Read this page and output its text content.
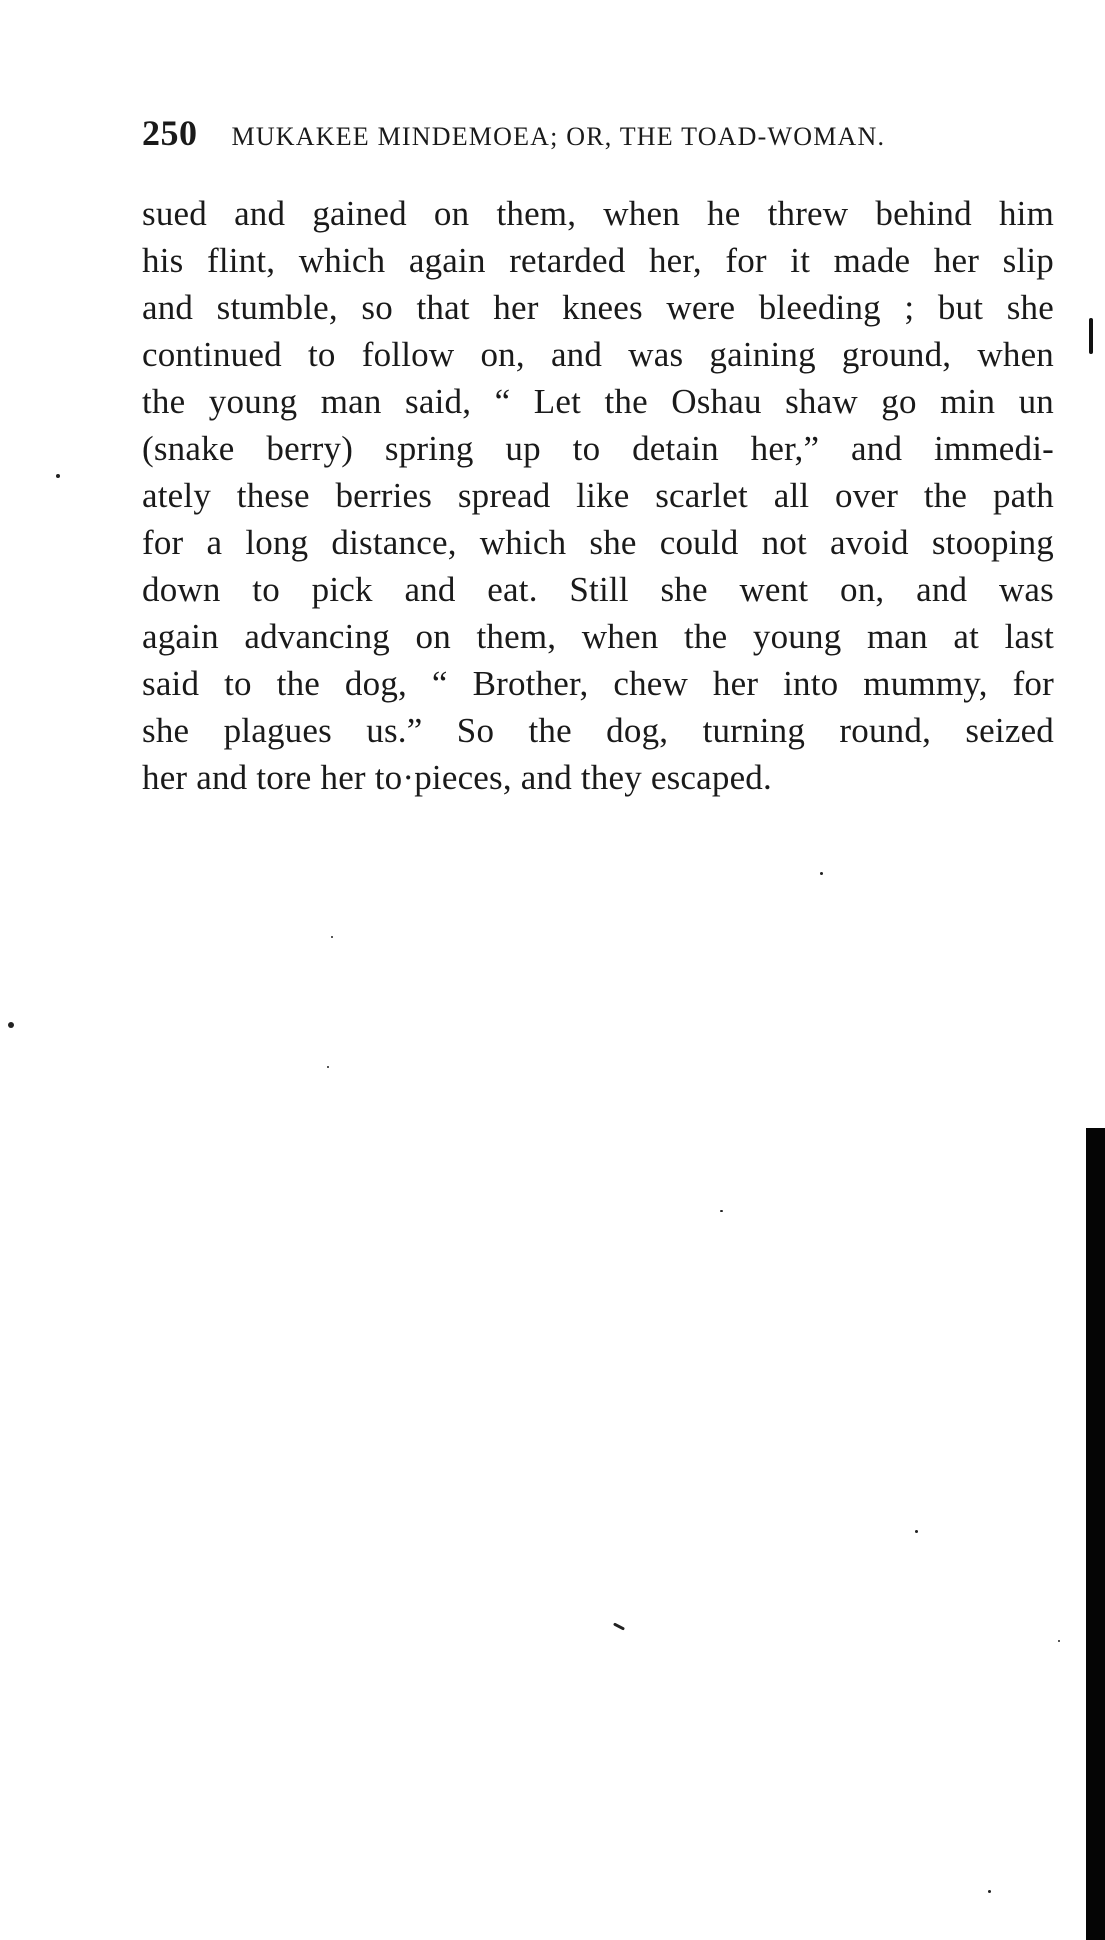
250 MUKAKEE MINDEMOEA; OR, THE TOAD-WOMAN.
sued and gained on them, when he threw behind him
his flint, which again retarded her, for it made her slip
and stumble, so that her knees were bleeding ; but she
continued to follow on, and was gaining ground, when
the young man said, “ Let the Oshau shaw go min un
(snake berry) spring up to detain her,” and immedi-
ately these berries spread like scarlet all over the path
for a long distance, which she could not avoid stooping
down to pick and eat. Still she went on, and was
again advancing on them, when the young man at last
said to the dog, “ Brother, chew her into mummy, for
she plagues us.” So the dog, turning round, seized
her and tore her to·pieces, and they escaped.
